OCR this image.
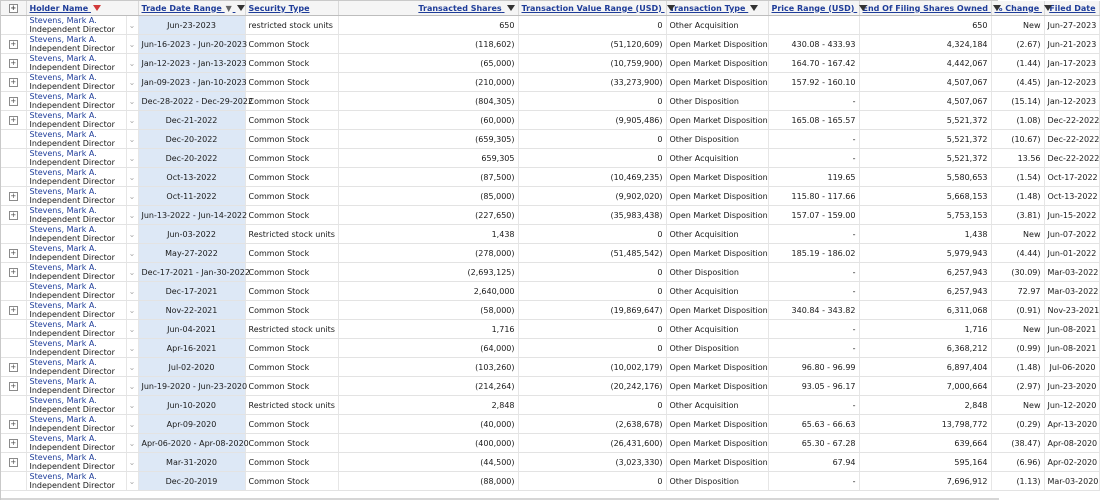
+	Holder Name		Trade Date Range ▼	Security Type	Transacted Shares	Transaction Value Range (USD)	Transaction Type	Price Range (USD)	End Of Filing Shares Owned	% Change	Filed Date

	Stevens, Mark A.
Independent Director	⌄	Jun-23-2023	restricted stock units	650	0	Other Acquisition		650	New	Jun-27-2023
+	Stevens, Mark A.
Independent Director	⌄	Jun-16-2023 - Jun-20-2023	Common Stock	(118,602)	(51,120,609)	Open Market Disposition	430.08 - 433.93	4,324,184	(2.67)	Jun-21-2023
+	Stevens, Mark A.
Independent Director	⌄	Jan-12-2023 - Jan-13-2023	Common Stock	(65,000)	(10,759,900)	Open Market Disposition	164.70 - 167.42	4,442,067	(1.44)	Jan-17-2023
+	Stevens, Mark A.
Independent Director	⌄	Jan-09-2023 - Jan-10-2023	Common Stock	(210,000)	(33,273,900)	Open Market Disposition	157.92 - 160.10	4,507,067	(4.45)	Jan-12-2023
+	Stevens, Mark A.
Independent Director	⌄	Dec-28-2022 - Dec-29-2022	Common Stock	(804,305)	0	Other Disposition	-	4,507,067	(15.14)	Jan-12-2023
+	Stevens, Mark A.
Independent Director	⌄	Dec-21-2022	Common Stock	(60,000)	(9,905,486)	Open Market Disposition	165.08 - 165.57	5,521,372	(1.08)	Dec-22-2022

	Stevens, Mark A.
Independent Director	⌄	Dec-20-2022	Common Stock	(659,305)	0	Other Disposition	-	5,521,372	(10.67)	Dec-22-2022

	Stevens, Mark A.
Independent Director	⌄	Dec-20-2022	Common Stock	659,305	0	Other Acquisition	-	5,521,372	13.56	Dec-22-2022

	Stevens, Mark A.
Independent Director	⌄	Oct-13-2022	Common Stock	(87,500)	(10,469,235)	Open Market Disposition	119.65	5,580,653	(1.54)	Oct-17-2022
+	Stevens, Mark A.
Independent Director	⌄	Oct-11-2022	Common Stock	(85,000)	(9,902,020)	Open Market Disposition	115.80 - 117.66	5,668,153	(1.48)	Oct-13-2022
+	Stevens, Mark A.
Independent Director	⌄	Jun-13-2022 - Jun-14-2022	Common Stock	(227,650)	(35,983,438)	Open Market Disposition	157.07 - 159.00	5,753,153	(3.81)	Jun-15-2022

	Stevens, Mark A.
Independent Director	⌄	Jun-03-2022	Restricted stock units	1,438	0	Other Acquisition	-	1,438	New	Jun-07-2022
+	Stevens, Mark A.
Independent Director	⌄	May-27-2022	Common Stock	(278,000)	(51,485,542)	Open Market Disposition	185.19 - 186.02	5,979,943	(4.44)	Jun-01-2022
+	Stevens, Mark A.
Independent Director	⌄	Dec-17-2021 - Jan-30-2022	Common Stock	(2,693,125)	0	Other Disposition	-	6,257,943	(30.09)	Mar-03-2022

	Stevens, Mark A.
Independent Director	⌄	Dec-17-2021	Common Stock	2,640,000	0	Other Acquisition	-	6,257,943	72.97	Mar-03-2022
+	Stevens, Mark A.
Independent Director	⌄	Nov-22-2021	Common Stock	(58,000)	(19,869,647)	Open Market Disposition	340.84 - 343.82	6,311,068	(0.91)	Nov-23-2021

	Stevens, Mark A.
Independent Director	⌄	Jun-04-2021	Restricted stock units	1,716	0	Other Acquisition	-	1,716	New	Jun-08-2021

	Stevens, Mark A.
Independent Director	⌄	Apr-16-2021	Common Stock	(64,000)	0	Other Disposition	-	6,368,212	(0.99)	Jun-08-2021
+	Stevens, Mark A.
Independent Director	⌄	Jul-02-2020	Common Stock	(103,260)	(10,002,179)	Open Market Disposition	96.80 - 96.99	6,897,404	(1.48)	Jul-06-2020
+	Stevens, Mark A.
Independent Director	⌄	Jun-19-2020 - Jun-23-2020	Common Stock	(214,264)	(20,242,176)	Open Market Disposition	93.05 - 96.17	7,000,664	(2.97)	Jun-23-2020

	Stevens, Mark A.
Independent Director	⌄	Jun-10-2020	Restricted stock units	2,848	0	Other Acquisition	-	2,848	New	Jun-12-2020
+	Stevens, Mark A.
Independent Director	⌄	Apr-09-2020	Common Stock	(40,000)	(2,638,678)	Open Market Disposition	65.63 - 66.63	13,798,772	(0.29)	Apr-13-2020
+	Stevens, Mark A.
Independent Director	⌄	Apr-06-2020 - Apr-08-2020	Common Stock	(400,000)	(26,431,600)	Open Market Disposition	65.30 - 67.28	639,664	(38.47)	Apr-08-2020
+	Stevens, Mark A.
Independent Director	⌄	Mar-31-2020	Common Stock	(44,500)	(3,023,330)	Open Market Disposition	67.94	595,164	(6.96)	Apr-02-2020

	Stevens, Mark A.
Independent Director	⌄	Dec-20-2019	Common Stock	(88,000)	0	Other Disposition	-	7,696,912	(1.13)	Mar-03-2020
